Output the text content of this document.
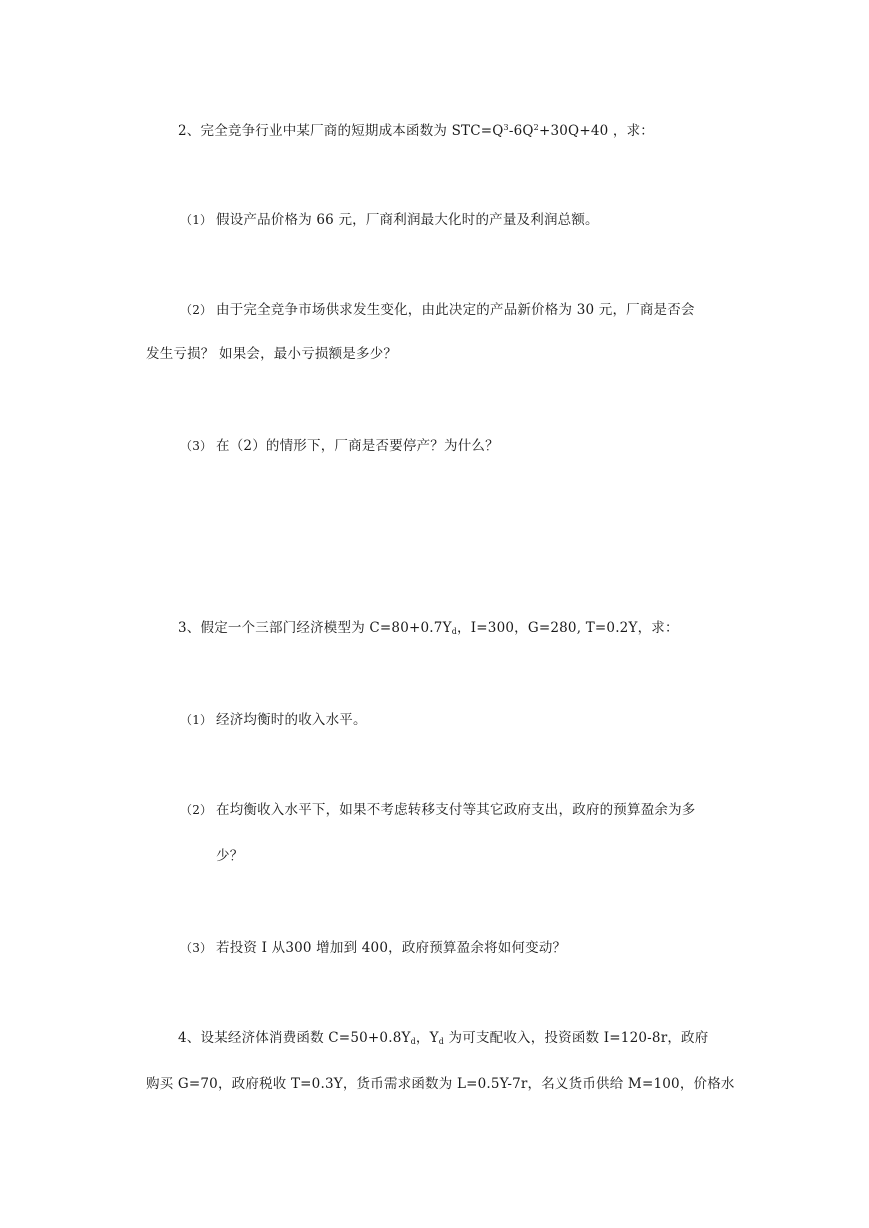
2、完全竞争行业中某厂商的短期成本函数为 $STC=Q^3-6Q^2+30Q+40$ ，求：
（1） 假设产品价格为 66 元，厂商利润最大化时的产量及利润总额。
（2） 由于完全竞争市场供求发生变化，由此决定的产品新价格为 30 元，厂商是否会
发生亏损？ 如果会，最小亏损额是多少？
（3） 在（2）的情形下，厂商是否要停产？为什么？
3、假定一个三部门经济模型为 $C=80+0.7Y_d$，I=300，G=280, T=0.2Y，求：
（1） 经济均衡时的收入水平。
（2） 在均衡收入水平下，如果不考虑转移支付等其它政府支出，政府的预算盈余为多
少？
（3） 若投资 I 从300 增加到 400，政府预算盈余将如何变动？
4、设某经济体消费函数 $C=50+0.8Y_d$，$Y_d$ 为可支配收入，投资函数 I=120-8r，政府
购买 G=70，政府税收 T=0.3Y，货币需求函数为 L=0.5Y-7r，名义货币供给 M=100，价格水
